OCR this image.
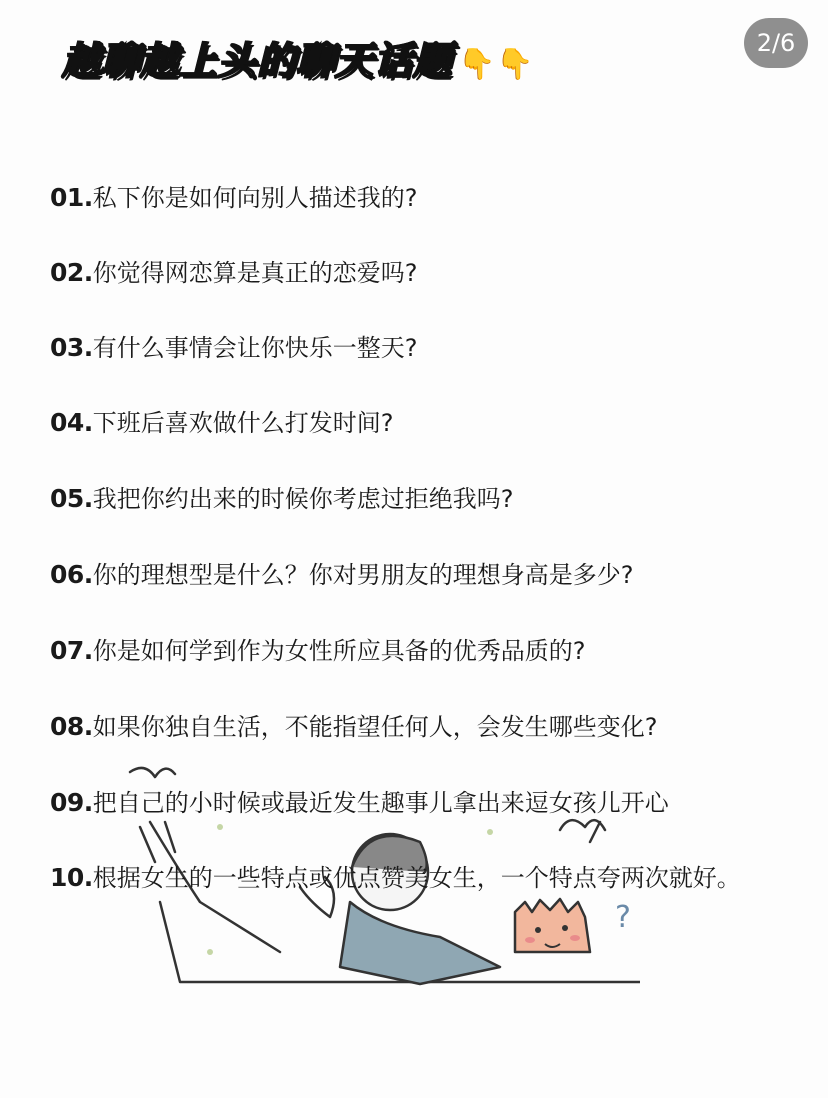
越聊越上头的聊天话题 👇👇
2/6
?
01.私下你是如何向别人描述我的?
02.你觉得网恋算是真正的恋爱吗?
03.有什么事情会让你快乐一整天?
04.下班后喜欢做什么打发时间?
05.我把你约出来的时候你考虑过拒绝我吗?
06.你的理想型是什么？你对男朋友的理想身高是多少?
07.你是如何学到作为女性所应具备的优秀品质的?
08.如果你独自生活，不能指望任何人，会发生哪些变化?
09.把自己的小时候或最近发生趣事儿拿出来逗女孩儿开心
10.根据女生的一些特点或优点赞美女生，一个特点夸两次就好。
